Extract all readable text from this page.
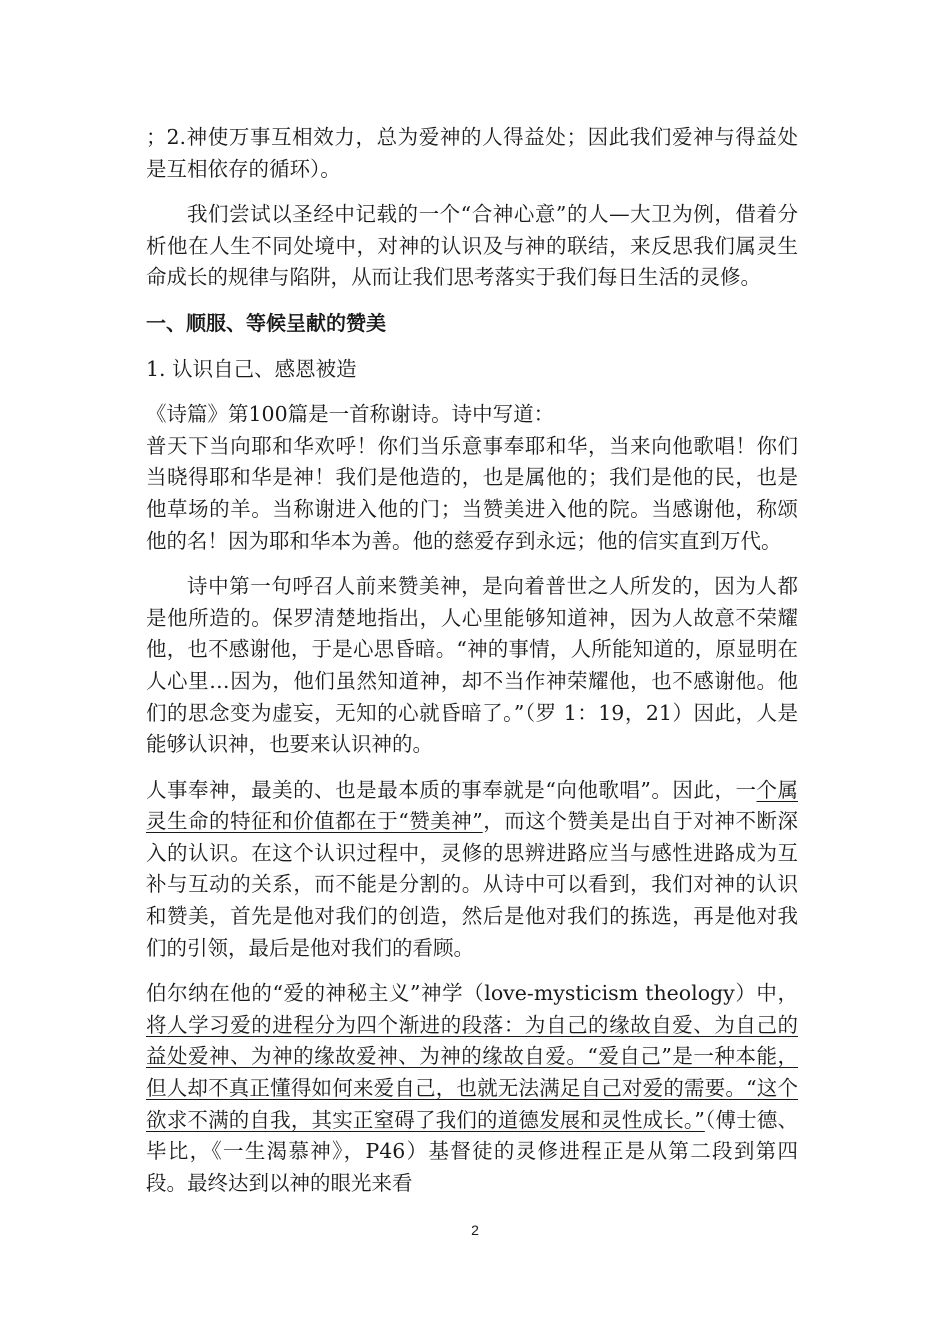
；2.神使万事互相效力，总为爱神的人得益处；因此我们爱神与得益处是互相依存的循环）。

我们尝试以圣经中记载的一个“合神心意”的人—大卫为例，借着分析他在人生不同处境中，对神的认识及与神的联结，来反思我们属灵生命成长的规律与陷阱，从而让我们思考落实于我们每日生活的灵修。

一、顺服、等候呈献的赞美

1. 认识自己、感恩被造

《诗篇》第100篇是一首称谢诗。诗中写道：

普天下当向耶和华欢呼！你们当乐意事奉耶和华，当来向他歌唱！你们当晓得耶和华是神！我们是他造的，也是属他的；我们是他的民，也是他草场的羊。当称谢进入他的门；当赞美进入他的院。当感谢他，称颂他的名！因为耶和华本为善。他的慈爱存到永远；他的信实直到万代。

诗中第一句呼召人前来赞美神，是向着普世之人所发的，因为人都是他所造的。保罗清楚地指出，人心里能够知道神，因为人故意不荣耀他，也不感谢他，于是心思昏暗。“神的事情，人所能知道的，原显明在人心里…因为，他们虽然知道神，却不当作神荣耀他，也不感谢他。他们的思念变为虚妄，无知的心就昏暗了。”（罗 1：19，21）因此，人是能够认识神，也要来认识神的。

人事奉神，最美的、也是最本质的事奉就是“向他歌唱”。因此，一个属灵生命的特征和价值都在于“赞美神”，而这个赞美是出自于对神不断深入的认识。在这个认识过程中，灵修的思辨进路应当与感性进路成为互补与互动的关系，而不能是分割的。从诗中可以看到，我们对神的认识和赞美，首先是他对我们的创造，然后是他对我们的拣选，再是他对我们的引领，最后是他对我们的看顾。

伯尔纳在他的“爱的神秘主义”神学（love-mysticism theology）中，将人学习爱的进程分为四个渐进的段落：为自己的缘故自爱、为自己的益处爱神、为神的缘故爱神、为神的缘故自爱。“爱自己”是一种本能，但人却不真正懂得如何来爱自己，也就无法满足自己对爱的需要。“这个欲求不满的自我，其实正窒碍了我们的道德发展和灵性成长。”（傅士德、毕比，《一生渴慕神》，P46）基督徒的灵修进程正是从第二段到第四段。最终达到以神的眼光来看

2
